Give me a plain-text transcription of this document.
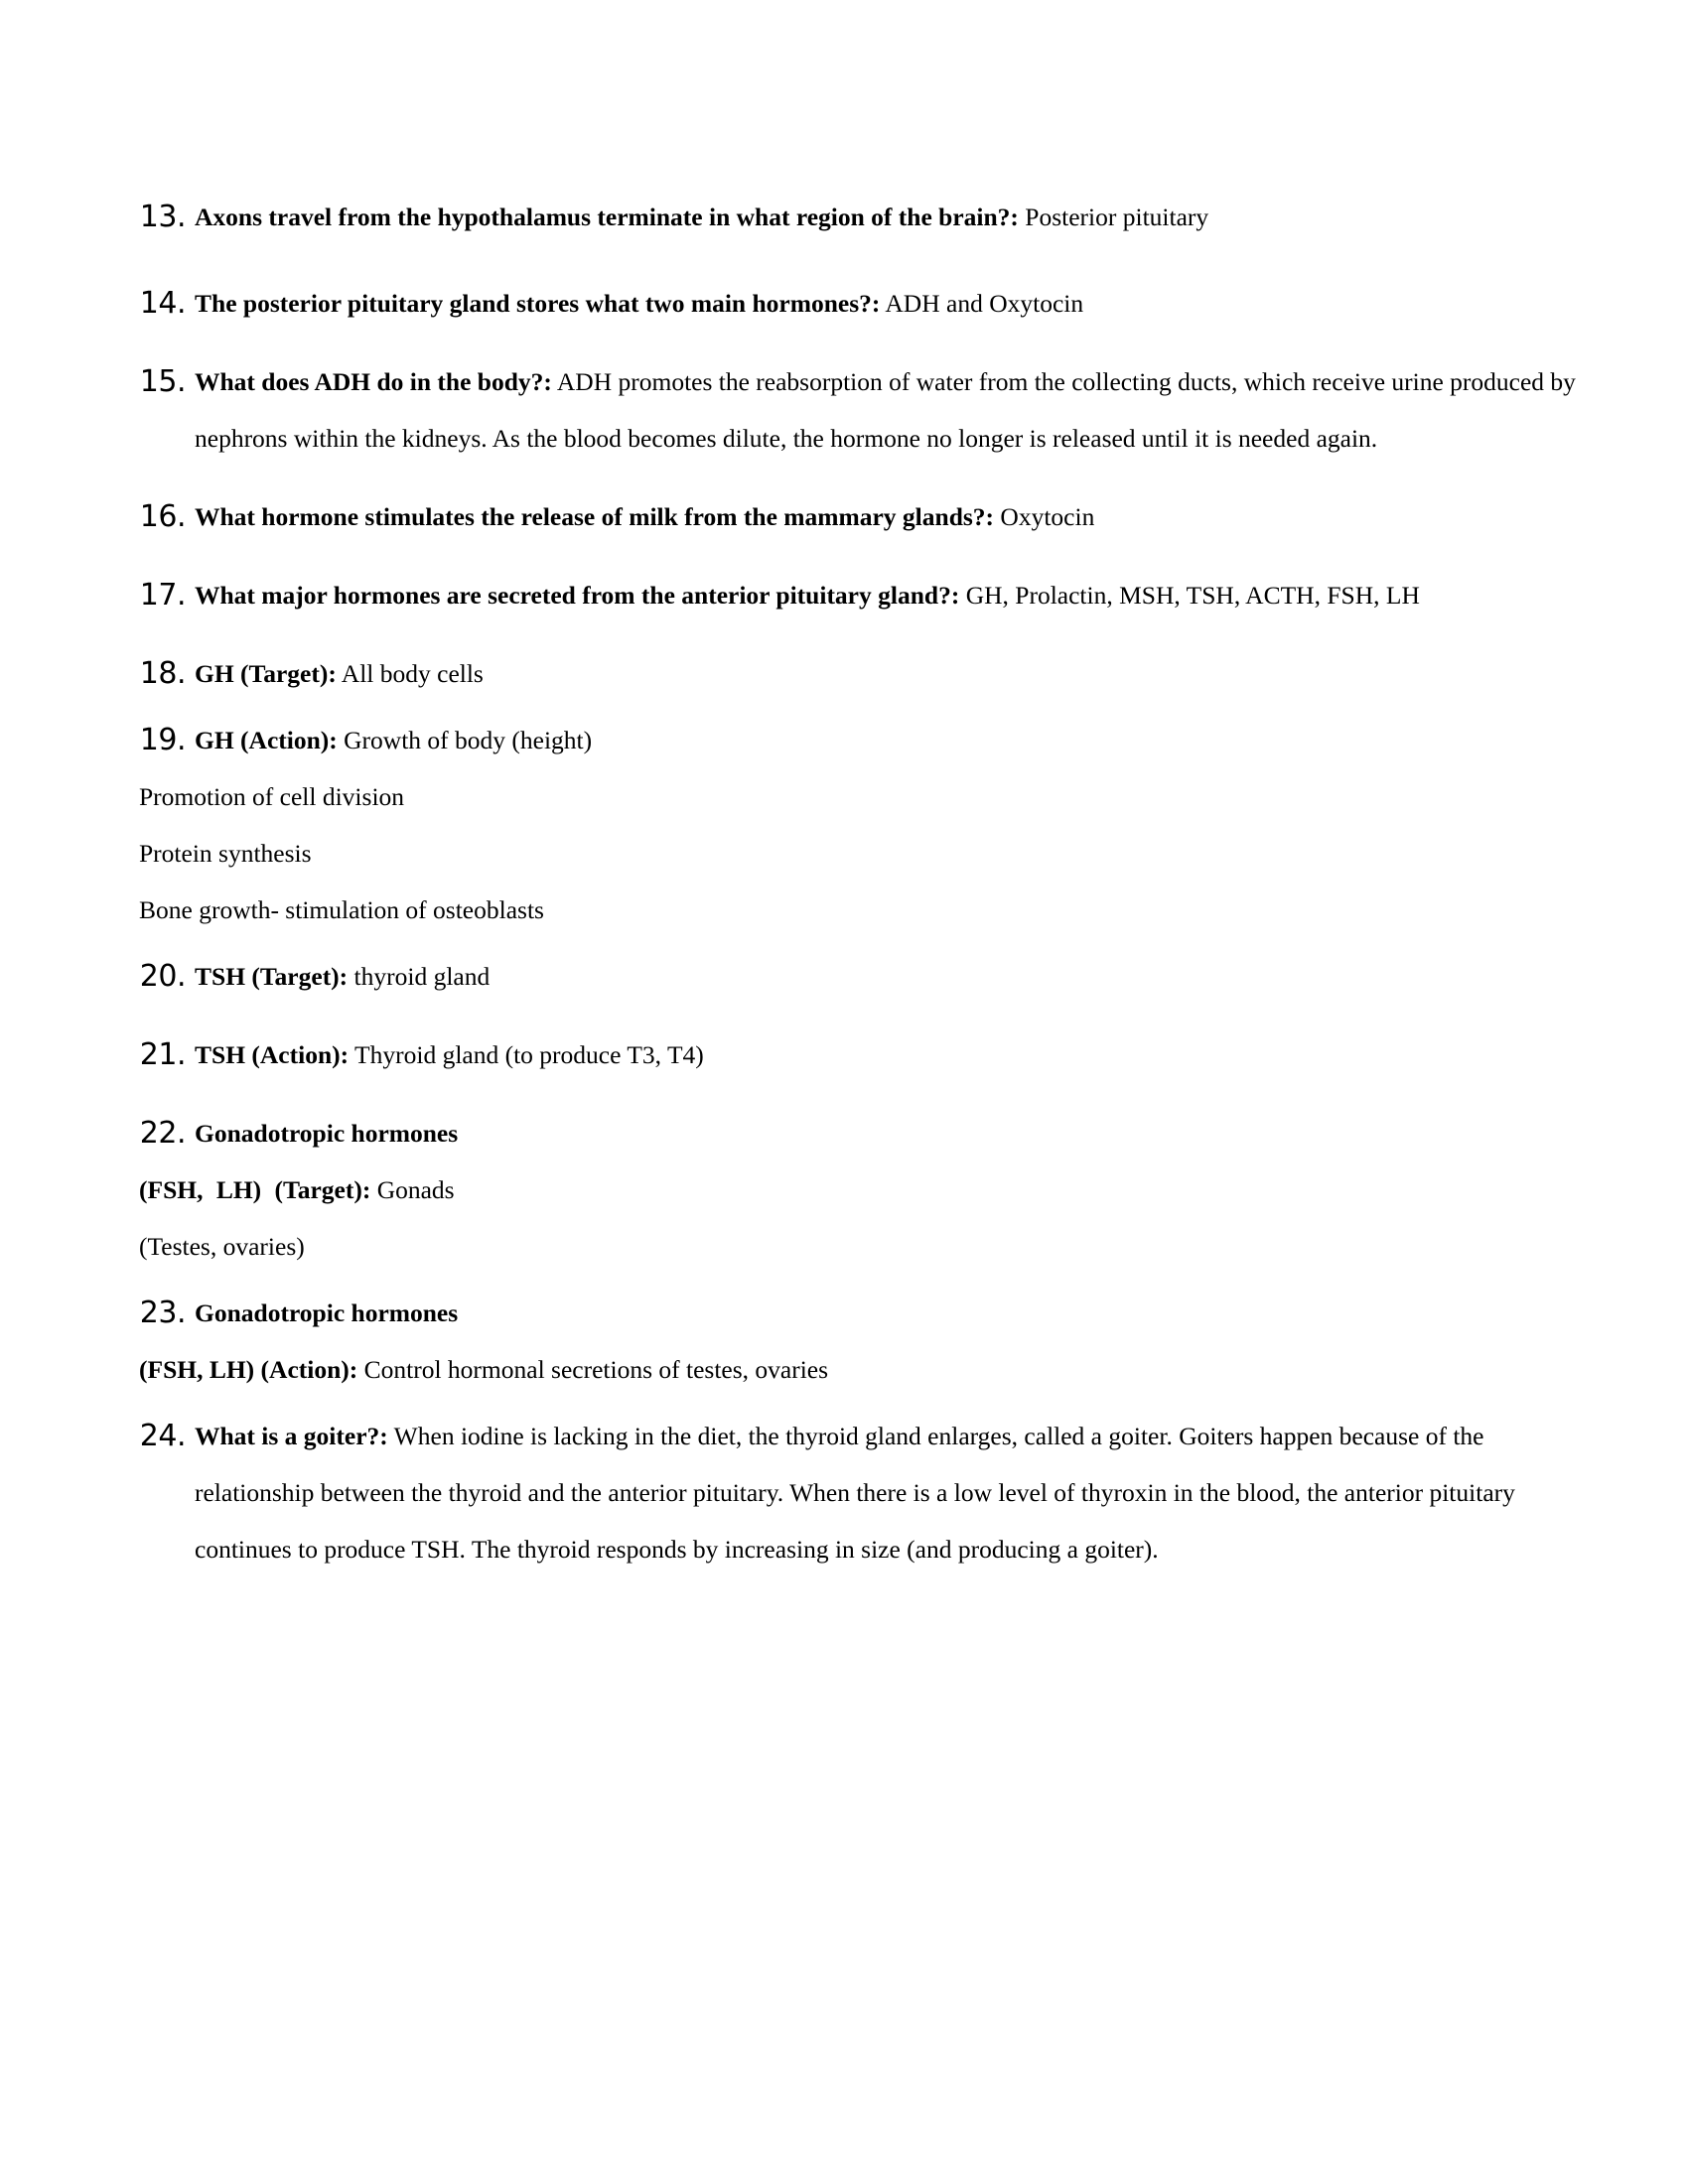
13. Axons travel from the hypothalamus terminate in what region of the brain?: Posterior pituitary
14. The posterior pituitary gland stores what two main hormones?: ADH and Oxytocin
15. What does ADH do in the body?: ADH promotes the reabsorption of water from the collecting ducts, which receive urine produced by nephrons within the kidneys. As the blood becomes dilute, the hormone no longer is released until it is needed again.
16. What hormone stimulates the release of milk from the mammary glands?: Oxytocin
17. What major hormones are secreted from the anterior pituitary gland?: GH, Prolactin, MSH, TSH, ACTH, FSH, LH
18. GH (Target): All body cells
19. GH (Action): Growth of body (height)

Promotion of cell division

Protein synthesis

Bone growth- stimulation of osteoblasts

20. TSH (Target): thyroid gland
21. TSH (Action): Thyroid gland (to produce T3, T4)
22. Gonadotropic hormones

(FSH, LH) (Target): Gonads

(Testes, ovaries)

23. Gonadotropic hormones

(FSH, LH) (Action): Control hormonal secretions of testes, ovaries

24. What is a goiter?: When iodine is lacking in the diet, the thyroid gland enlarges, called a goiter. Goiters happen because of the relationship between the thyroid and the anterior pituitary. When there is a low level of thyroxin in the blood, the anterior pituitary continues to produce TSH. The thyroid responds by increasing in size (and producing a goiter).
